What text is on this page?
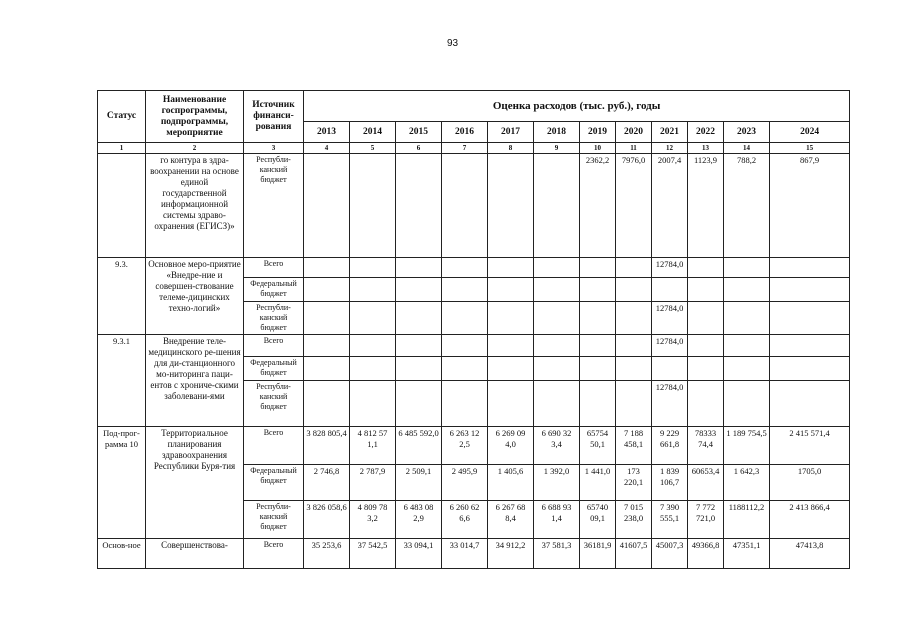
93
Статус	Наименование госпрограммы, подпрограммы, мероприятие	Источник финанси-рования	Оценка расходов (тыс. руб.), годы											
			2013	2014	2015	2016	2017	2018	2019	2020	2021	2022	2023	2024
1	2	3	4	5	6	7	8	9	10	11	12	13	14	15
	го контура в здра-воохранении на основе единой государственной информационной системы здраво-охранения (ЕГИСЗ)»	Республи-канский бюджет							2362,2	7976,0	2007,4	1123,9	788,2	867,9
9.3.	Основное меро-приятие «Внедре-ние и совершен-ствование телеме-дицинских техно-логий»	Всего									12784,0			
		Федеральный бюджет												
		Республи-канский бюджет									12784,0			
9.3.1	Внедрение теле-медицинского ре-шения для ди-станционного мо-ниторинга паци-ентов с хрониче-скими заболевани-ями	Всего									12784,0			
		Федеральный бюджет												
		Республи-канский бюджет									12784,0			
Под-прог-рамма 10	Территориальное планирования здравоохранения Республики Буря-тия	Всего	3 828 805,4	4 812 57 1,1	6 485 592,0	6 263 12 2,5	6 269 09 4,0	6 690 32 3,4	65754 50,1	7 188 458,1	9 229 661,8	78333 74,4	1 189 754,5	2 415 571,4
		Федеральный бюджет	2 746,8	2 787,9	2 509,1	2 495,9	1 405,6	1 392,0	1 441,0	173 220,1	1 839 106,7	60653,4	1 642,3	1705,0
		Республи-канский бюджет	3 826 058,6	4 809 78 3,2	6 483 08 2,9	6 260 62 6,6	6 267 68 8,4	6 688 93 1,4	65740 09,1	7 015 238,0	7 390 555,1	7 772 721,0	1188112,2	2 413 866,4
Основ-ное	Совершенствова-	Всего	35 253,6	37 542,5	33 094,1	33 014,7	34 912,2	37 581,3	36181,9	41607,5	45007,3	49366,8	47351,1	47413,8
